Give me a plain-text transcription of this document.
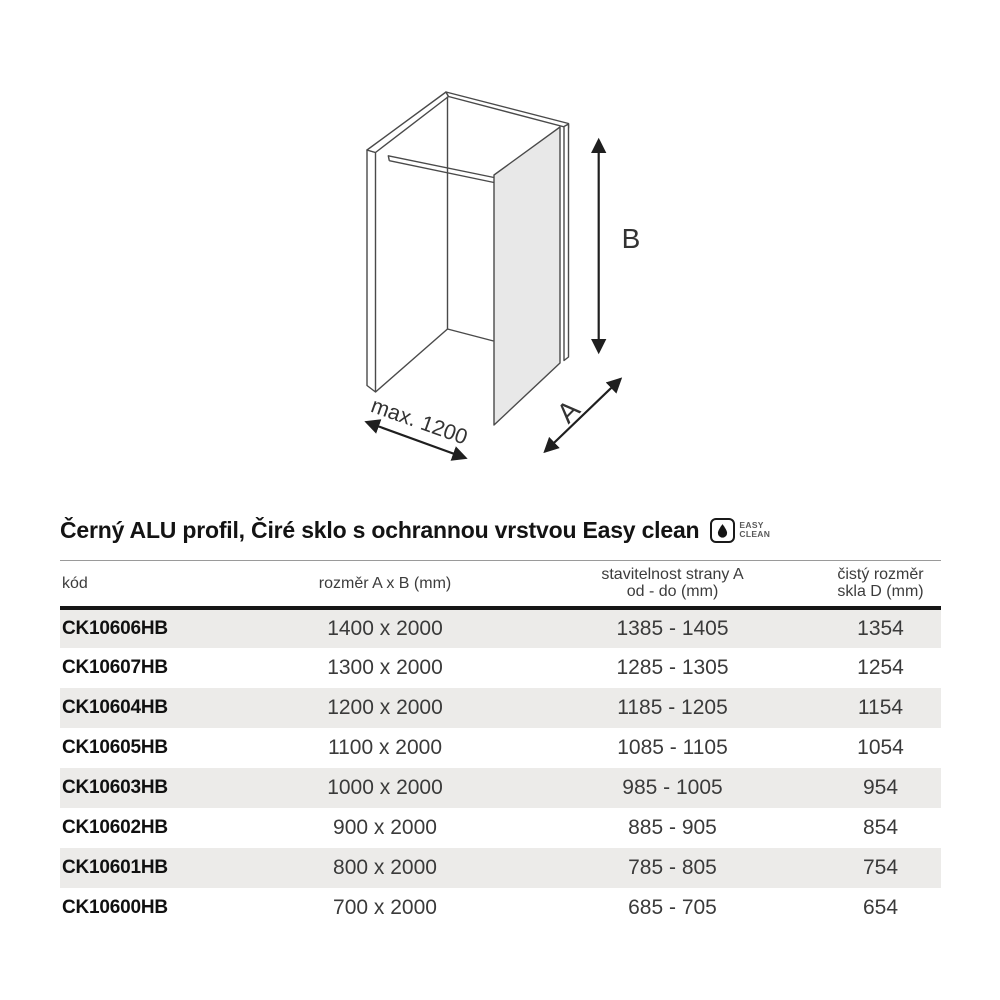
B
A
max. 1200
Černý ALU profil, Čiré sklo s ochrannou vrstvou Easy clean	EASY
CLEAN
kód	rozměr A x B (mm)	stavitelnost strany A
od - do (mm)	čistý rozměr
skla D (mm)

CK10606HB	1400 x 2000	1385 - 1405	1354
CK10607HB	1300 x 2000	1285 - 1305	1254
CK10604HB	1200 x 2000	1185 - 1205	1154
CK10605HB	1100 x 2000	1085 - 1105	1054
CK10603HB	1000 x 2000	985 - 1005	954
CK10602HB	900 x 2000	885 - 905	854
CK10601HB	800 x 2000	785 - 805	754
CK10600HB	700 x 2000	685 - 705	654
